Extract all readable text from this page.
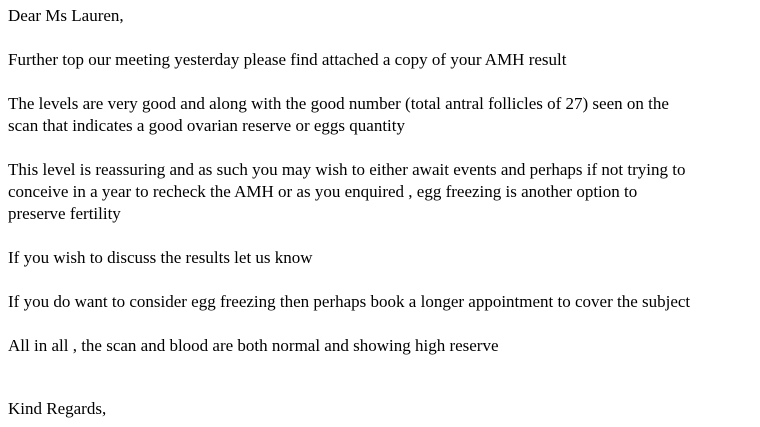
Dear Ms Lauren,
Further top our meeting yesterday please find attached a copy of your AMH result
The levels are very good and along with the good number (total antral follicles of 27) seen on the
scan that indicates a good ovarian reserve or eggs quantity
This level is reassuring and as such you may wish to either await events and perhaps if not trying to
conceive in a year to recheck the AMH or as you enquired , egg freezing is another option to
preserve fertility
If you wish to discuss the results let us know
If you do want to consider egg freezing then perhaps book a longer appointment to cover the subject
All in all , the scan and blood are both normal and showing high reserve
Kind Regards,
